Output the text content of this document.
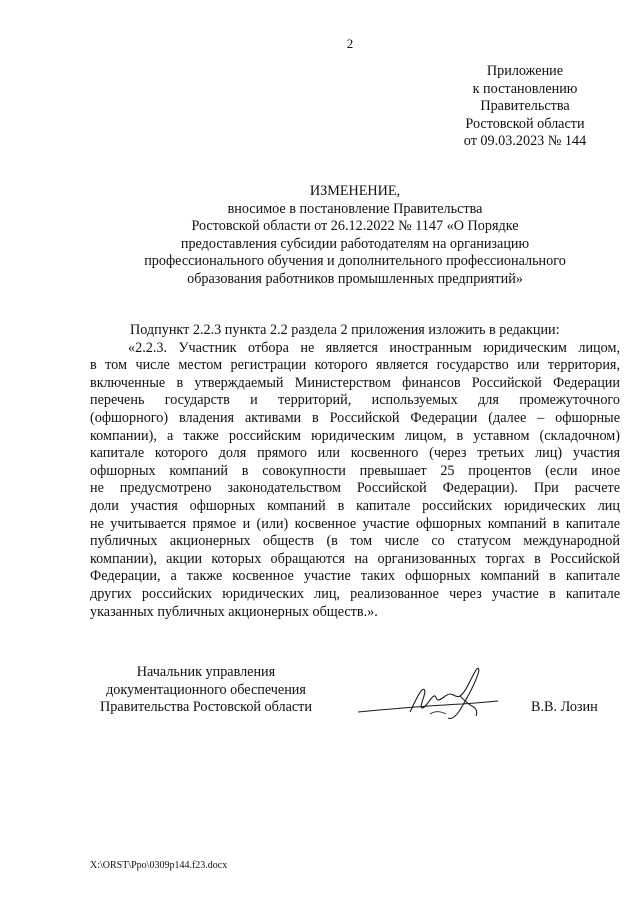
2
Приложение
к постановлению
Правительства
Ростовской области
от 09.03.2023 № 144
ИЗМЕНЕНИЕ,
вносимое в постановление Правительства
Ростовской области от 26.12.2022 № 1147 «О Порядке
предоставления субсидии работодателям на организацию
профессионального обучения и дополнительного профессионального
образования работников промышленных предприятий»
Подпункт 2.2.3 пункта 2.2 раздела 2 приложения изложить в редакции:
«2.2.3. Участник отбора не является иностранным юридическим лицом,
в том числе местом регистрации которого является государство или территория,
включенные в утверждаемый Министерством финансов Российской Федерации
перечень государств и территорий, используемых для промежуточного
(офшорного) владения активами в Российской Федерации (далее – офшорные
компании), а также российским юридическим лицом, в уставном (складочном)
капитале которого доля прямого или косвенного (через третьих лиц) участия
офшорных компаний в совокупности превышает 25 процентов (если иное
не предусмотрено законодательством Российской Федерации). При расчете
доли участия офшорных компаний в капитале российских юридических лиц
не учитывается прямое и (или) косвенное участие офшорных компаний в капитале
публичных акционерных обществ (в том числе со статусом международной
компании), акции которых обращаются на организованных торгах в Российской
Федерации, а также косвенное участие таких офшорных компаний в капитале
других российских юридических лиц, реализованное через участие в капитале
указанных публичных акционерных обществ.».
Начальник управления
документационного обеспечения
Правительства Ростовской области	В.В. Лозин
X:\ORST\Ppo\0309p144.f23.docx
